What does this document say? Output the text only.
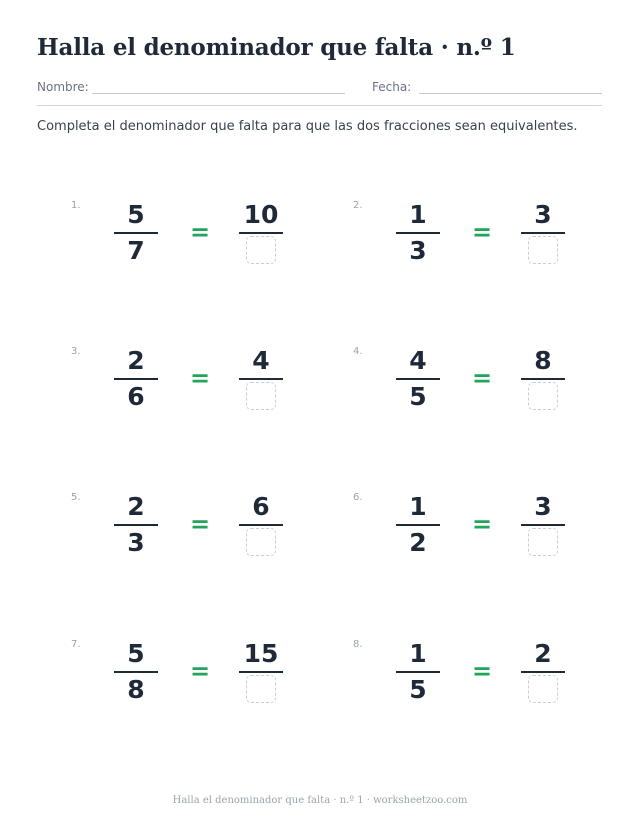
Halla el denominador que falta · n.º 1
Nombre:	Fecha:
Completa el denominador que falta para que las dos fracciones sean equivalentes.
1.	5
7
=
10	2.	1
3
=
3
3.	2
6
=
4	4.	4
5
=
8
5.	2
3
=
6	6.	1
2
=
3
7.	5
8
=
15	8.	1
5
=
2
Halla el denominador que falta · n.º 1 · worksheetzoo.com
